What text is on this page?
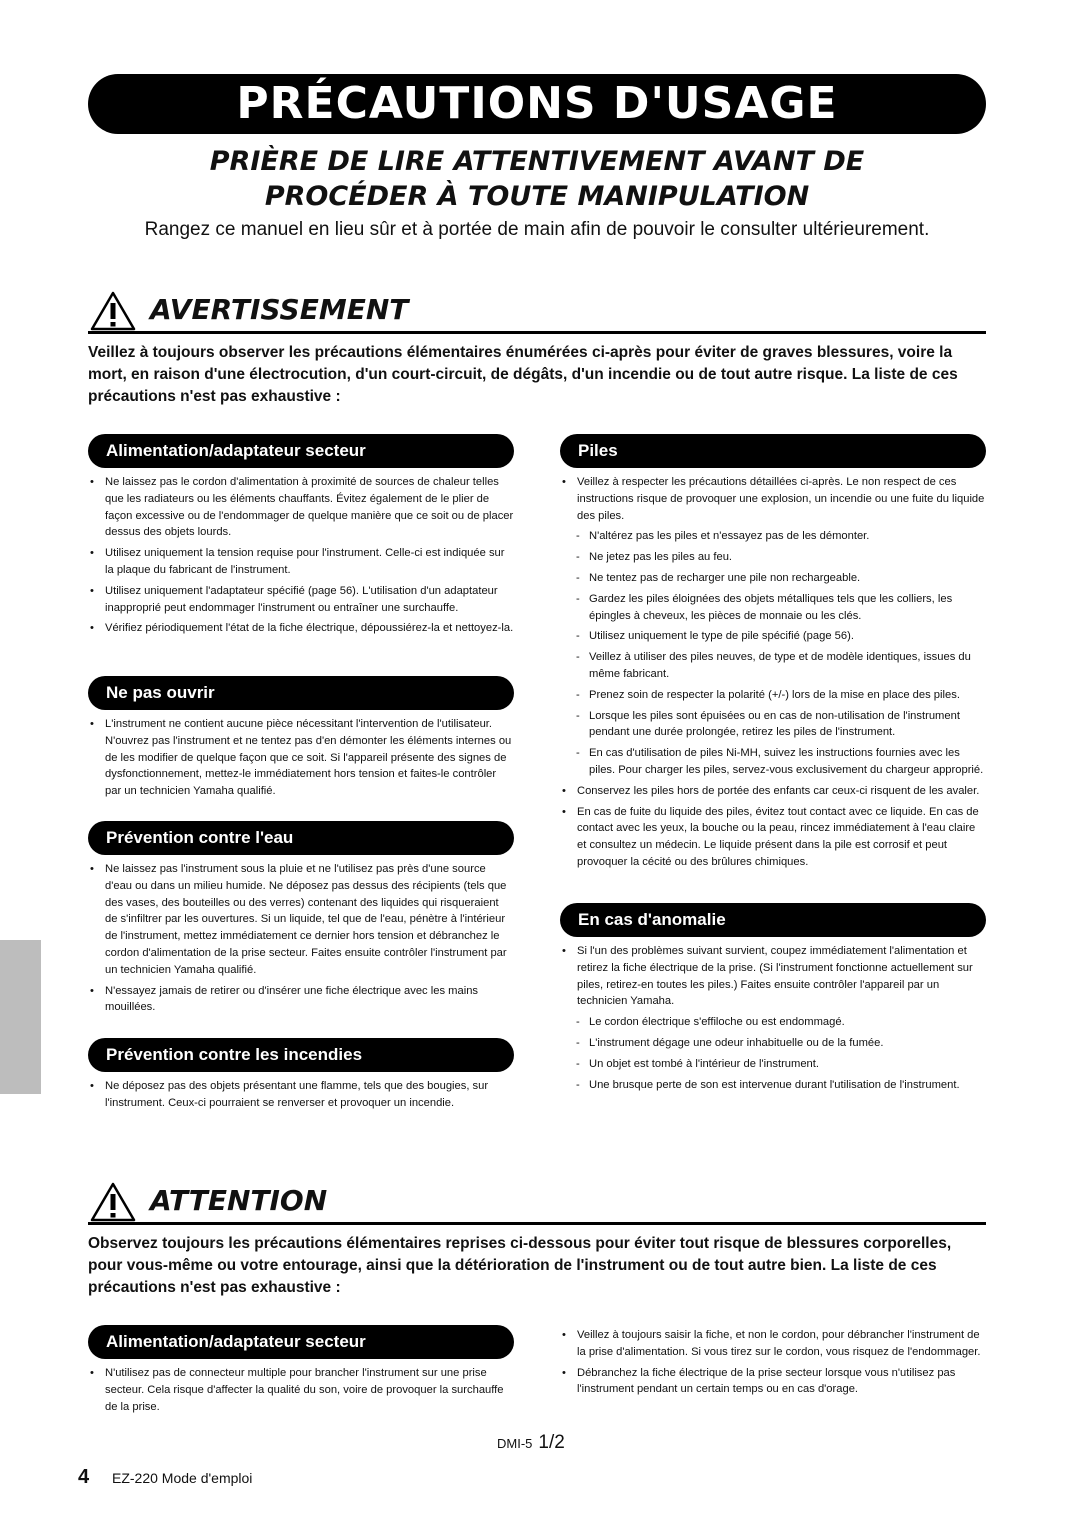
PRÉCAUTIONS D'USAGE
PRIÈRE DE LIRE ATTENTIVEMENT AVANT DE
PROCÉDER À TOUTE MANIPULATION
Rangez ce manuel en lieu sûr et à portée de main afin de pouvoir le consulter ultérieurement.
AVERTISSEMENT
Veillez à toujours observer les précautions élémentaires énumérées ci-après pour éviter de graves blessures, voire la mort, en raison d'une électrocution, d'un court-circuit, de dégâts, d'un incendie ou de tout autre risque. La liste de ces précautions n'est pas exhaustive :
Alimentation/adaptateur secteur
• Ne laissez pas le cordon d'alimentation à proximité de sources de chaleur telles que les radiateurs ou les éléments chauffants. Évitez également de le plier de façon excessive ou de l'endommager de quelque manière que ce soit ou de placer dessus des objets lourds.
• Utilisez uniquement la tension requise pour l'instrument. Celle-ci est indiquée sur la plaque du fabricant de l'instrument.
• Utilisez uniquement l'adaptateur spécifié (page 56). L'utilisation d'un adaptateur inapproprié peut endommager l'instrument ou entraîner une surchauffe.
• Vérifiez périodiquement l'état de la fiche électrique, dépoussiérez-la et nettoyez-la.
Ne pas ouvrir
• L'instrument ne contient aucune pièce nécessitant l'intervention de l'utilisateur. N'ouvrez pas l'instrument et ne tentez pas d'en démonter les éléments internes ou de les modifier de quelque façon que ce soit. Si l'appareil présente des signes de dysfonctionnement, mettez-le immédiatement hors tension et faites-le contrôler par un technicien Yamaha qualifié.
Prévention contre l'eau
• Ne laissez pas l'instrument sous la pluie et ne l'utilisez pas près d'une source d'eau ou dans un milieu humide. Ne déposez pas dessus des récipients (tels que des vases, des bouteilles ou des verres) contenant des liquides qui risqueraient de s'infiltrer par les ouvertures. Si un liquide, tel que de l'eau, pénètre à l'intérieur de l'instrument, mettez immédiatement ce dernier hors tension et débranchez le cordon d'alimentation de la prise secteur. Faites ensuite contrôler l'instrument par un technicien Yamaha qualifié.
• N'essayez jamais de retirer ou d'insérer une fiche électrique avec les mains mouillées.
Prévention contre les incendies
• Ne déposez pas des objets présentant une flamme, tels que des bougies, sur l'instrument. Ceux-ci pourraient se renverser et provoquer un incendie.
Piles
• Veillez à respecter les précautions détaillées ci-après. Le non respect de ces instructions risque de provoquer une explosion, un incendie ou une fuite du liquide des piles.
- N'altérez pas les piles et n'essayez pas de les démonter.
- Ne jetez pas les piles au feu.
- Ne tentez pas de recharger une pile non rechargeable.
- Gardez les piles éloignées des objets métalliques tels que les colliers, les épingles à cheveux, les pièces de monnaie ou les clés.
- Utilisez uniquement le type de pile spécifié (page 56).
- Veillez à utiliser des piles neuves, de type et de modèle identiques, issues du même fabricant.
- Prenez soin de respecter la polarité (+/-) lors de la mise en place des piles.
- Lorsque les piles sont épuisées ou en cas de non-utilisation de l'instrument pendant une durée prolongée, retirez les piles de l'instrument.
- En cas d'utilisation de piles Ni-MH, suivez les instructions fournies avec les piles. Pour charger les piles, servez-vous exclusivement du chargeur approprié.
• Conservez les piles hors de portée des enfants car ceux-ci risquent de les avaler.
• En cas de fuite du liquide des piles, évitez tout contact avec ce liquide. En cas de contact avec les yeux, la bouche ou la peau, rincez immédiatement à l'eau claire et consultez un médecin. Le liquide présent dans la pile est corrosif et peut provoquer la cécité ou des brûlures chimiques.
En cas d'anomalie
• Si l'un des problèmes suivant survient, coupez immédiatement l'alimentation et retirez la fiche électrique de la prise. (Si l'instrument fonctionne actuellement sur piles, retirez-en toutes les piles.) Faites ensuite contrôler l'appareil par un technicien Yamaha.
- Le cordon électrique s'effiloche ou est endommagé.
- L'instrument dégage une odeur inhabituelle ou de la fumée.
- Un objet est tombé à l'intérieur de l'instrument.
- Une brusque perte de son est intervenue durant l'utilisation de l'instrument.
ATTENTION
Observez toujours les précautions élémentaires reprises ci-dessous pour éviter tout risque de blessures corporelles, pour vous-même ou votre entourage, ainsi que la détérioration de l'instrument ou de tout autre bien. La liste de ces précautions n'est pas exhaustive :
Alimentation/adaptateur secteur
• N'utilisez pas de connecteur multiple pour brancher l'instrument sur une prise secteur. Cela risque d'affecter la qualité du son, voire de provoquer la surchauffe de la prise.
• Veillez à toujours saisir la fiche, et non le cordon, pour débrancher l'instrument de la prise d'alimentation. Si vous tirez sur le cordon, vous risquez de l'endommager.
• Débranchez la fiche électrique de la prise secteur lorsque vous n'utilisez pas l'instrument pendant un certain temps ou en cas d'orage.
DMI-5 1/2
4 EZ-220 Mode d'emploi
